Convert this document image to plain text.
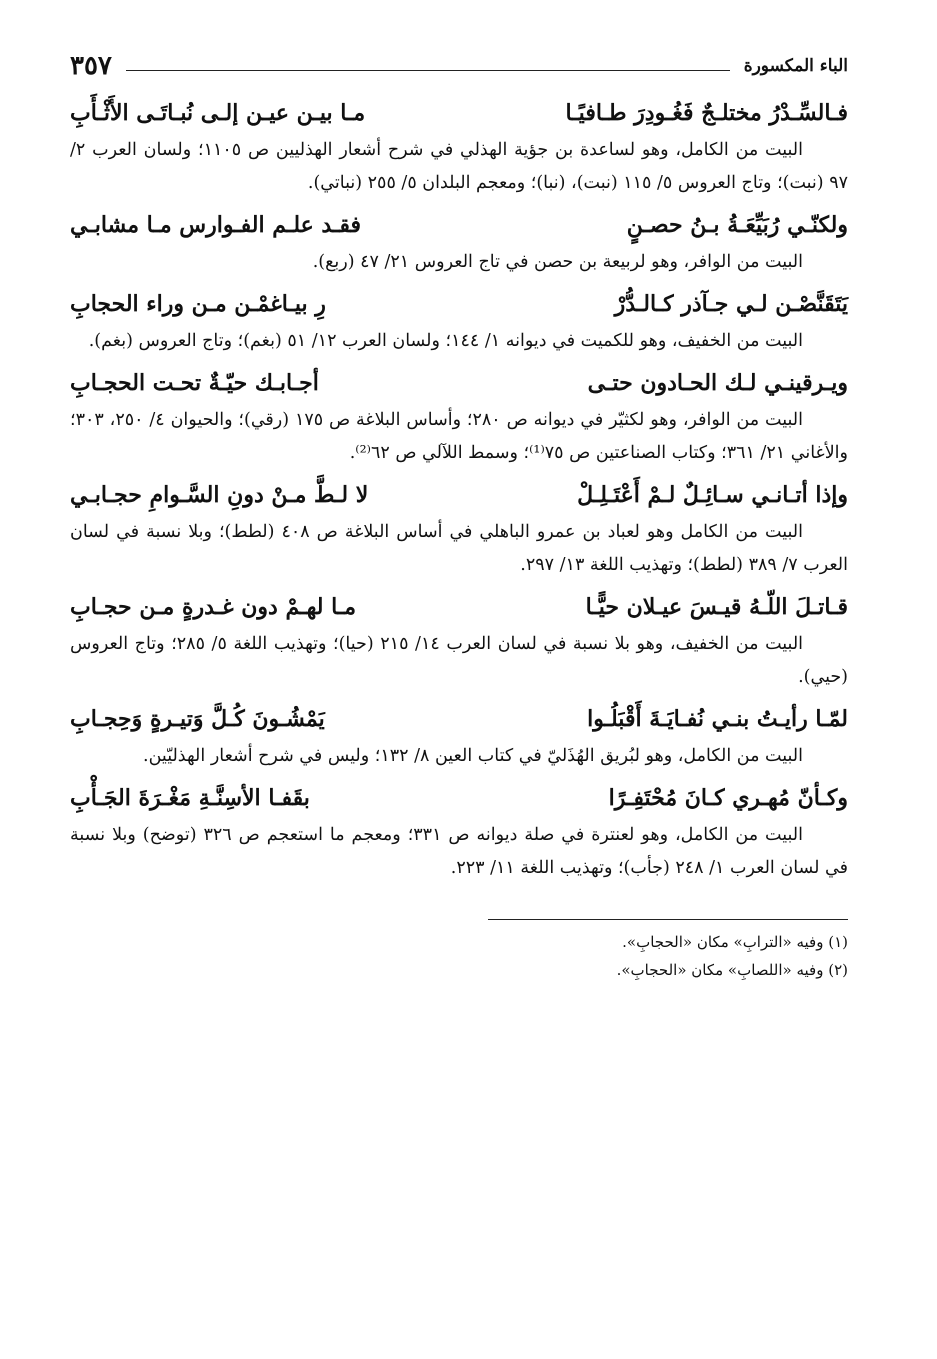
الباء المكسورة
٣٥٧
فـالسِّـدْرُ مختلـجٌ فَغُـودِرَ طـافيًـا
مـا بيـن عيـن إلـى نُبـاتَـى الأَثْـأَبِ

البيت من الكامل، وهو لساعدة بن جؤية الهذلي في شرح أشعار الهذليين ص ١١٠٥؛ ولسان العرب ٢/ ٩٧ (نبت)؛ وتاج العروس ٥/ ١١٥ (نبت)، (نبا)؛ ومعجم البلدان ٥/ ٢٥٥ (نباتي).

ولكنّـي رُبَيِّعَـةُ بـنُ حصـنٍ
فقـد علـم الفـوارس مـا مشابـي

البيت من الوافر، وهو لربيعة بن حصن في تاج العروس ٢١/ ٤٧ (ربع).

يَتَقَنَّصْـن لـي جـآذر كـالـدُّرْ
رِ بيـاغمْـن مـن وراء الحجابِ

البيت من الخفيف، وهو للكميت في ديوانه ١/ ١٤٤؛ ولسان العرب ١٢/ ٥١ (بغم)؛ وتاج العروس (بغم).

ويـرقينـي لـك الحـادون حتـى
أجـابـك حيّـةٌ تحـت الحجـابِ

البيت من الوافر، وهو لكثيّر في ديوانه ص ٢٨٠؛ وأساس البلاغة ص ١٧٥ (رقي)؛ والحيوان ٤/ ٢٥٠، ٣٠٣؛ والأغاني ٢١/ ٣٦١؛ وكتاب الصناعتين ص ٧٥⁽¹⁾؛ وسمط اللآلي ص ٦٢⁽²⁾.

وإذا أتـانـي سـائِـلٌ لـمْ أَعْتَـلِـلْ
لا لـطَّ مـنْ دونِ السَّـوامِ حجـابـي

البيت من الكامل وهو لعباد بن عمرو الباهلي في أساس البلاغة ص ٤٠٨ (لطط)؛ وبلا نسبة في لسان العرب ٧/ ٣٨٩ (لطط)؛ وتهذيب اللغة ١٣/ ٢٩٧.

قـاتـلَ اللّـهُ قيـسَ عيـلان حيًّـا
مـا لهـمْ دون غـدرةٍ مـن حجـابِ

البيت من الخفيف، وهو بلا نسبة في لسان العرب ١٤/ ٢١٥ (حيا)؛ وتهذيب اللغة ٥/ ٢٨٥؛ وتاج العروس (حيي).

لمّـا رأيـتُ بنـي نُفـايَـةَ أَقْبَلُـوا
يَمْشُـونَ كُـلَّ وَتيـرةٍ وَحِجـابِ

البيت من الكامل، وهو لبُريق الهُذَليّ في كتاب العين ٨/ ١٣٢؛ وليس في شرح أشعار الهذليّين.

وكـأنّ مُهـري كـانَ مُحْتَفِـرًا
بقَفـا الأسِنَّـةِ مَغْـرَةَ الجَـأْبِ

البيت من الكامل، وهو لعنترة في صلة ديوانه ص ٣٣١؛ ومعجم ما استعجم ص ٣٢٦ (توضح) وبلا نسبة في لسان العرب ١/ ٢٤٨ (جأب)؛ وتهذيب اللغة ١١/ ٢٢٣.

(١) وفيه «الترابِ» مكان «الحجابِ».

(٢) وفيه «اللصابِ» مكان «الحجابِ».
